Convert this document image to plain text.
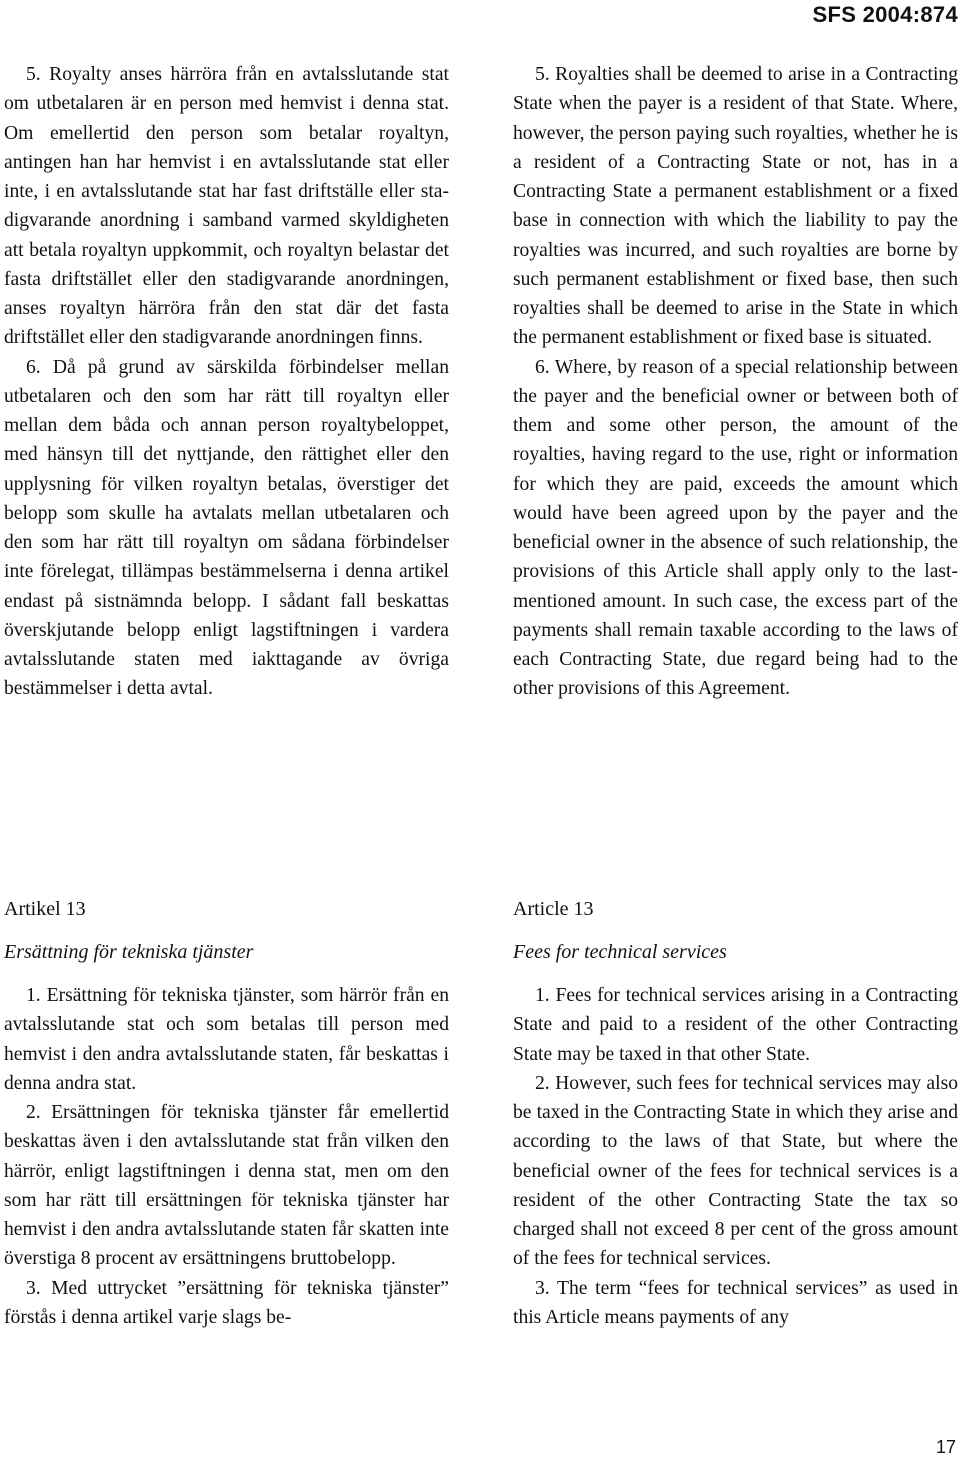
SFS 2004:874

5. Royalty anses härröra från en avtalsslutande stat om utbetalaren är en person med hemvist i denna stat. Om emellertid den person som betalar royaltyn, antingen han har hemvist i en avtalsslutande stat eller inte, i en avtalsslutande stat har fast driftställe eller stadigvarande anordning i samband varmed skyldigheten att betala royaltyn uppkommit, och royaltyn belastar det fasta driftstället eller den stadigvarande anordningen, anses royaltyn härröra från den stat där det fasta driftstället eller den stadigvarande anordningen finns.

6. Då på grund av särskilda förbindelser mellan utbetalaren och den som har rätt till royaltyn eller mellan dem båda och annan person royaltybeloppet, med hänsyn till det nyttjande, den rättighet eller den upplysning för vilken royaltyn betalas, överstiger det belopp som skulle ha avtalats mellan utbetalaren och den som har rätt till royaltyn om sådana förbindelser inte förelegat, tillämpas bestämmelserna i denna artikel endast på sistnämnda belopp. I sådant fall beskattas överskjutande belopp enligt lagstiftningen i vardera avtalsslutande staten med iakttagande av övriga bestämmelser i detta avtal.

5. Royalties shall be deemed to arise in a Contracting State when the payer is a resident of that State. Where, however, the person paying such royalties, whether he is a resident of a Contracting State or not, has in a Contracting State a permanent establishment or a fixed base in connection with which the liability to pay the royalties was incurred, and such royalties are borne by such permanent establishment or fixed base, then such royalties shall be deemed to arise in the State in which the permanent establishment or fixed base is situated.

6. Where, by reason of a special relationship between the payer and the beneficial owner or between both of them and some other person, the amount of the royalties, having regard to the use, right or information for which they are paid, exceeds the amount which would have been agreed upon by the payer and the beneficial owner in the absence of such relationship, the provisions of this Article shall apply only to the last-mentioned amount. In such case, the excess part of the payments shall remain taxable according to the laws of each Contracting State, due regard being had to the other provisions of this Agreement.

Artikel 13

Ersättning för tekniska tjänster

1. Ersättning för tekniska tjänster, som härrör från en avtalsslutande stat och som betalas till person med hemvist i den andra avtalsslutande staten, får beskattas i denna andra stat.

2. Ersättningen för tekniska tjänster får emellertid beskattas även i den avtalsslutande stat från vilken den härrör, enligt lagstiftningen i denna stat, men om den som har rätt till ersättningen för tekniska tjänster har hemvist i den andra avtalsslutande staten får skatten inte överstiga 8 procent av ersättningens bruttobelopp.

3. Med uttrycket ”ersättning för tekniska tjänster” förstås i denna artikel varje slags be-

Article 13

Fees for technical services

1. Fees for technical services arising in a Contracting State and paid to a resident of the other Contracting State may be taxed in that other State.

2. However, such fees for technical services may also be taxed in the Contracting State in which they arise and according to the laws of that State, but where the beneficial owner of the fees for technical services is a resident of the other Contracting State the tax so charged shall not exceed 8 per cent of the gross amount of the fees for technical services.

3. The term “fees for technical services” as used in this Article means payments of any

17
